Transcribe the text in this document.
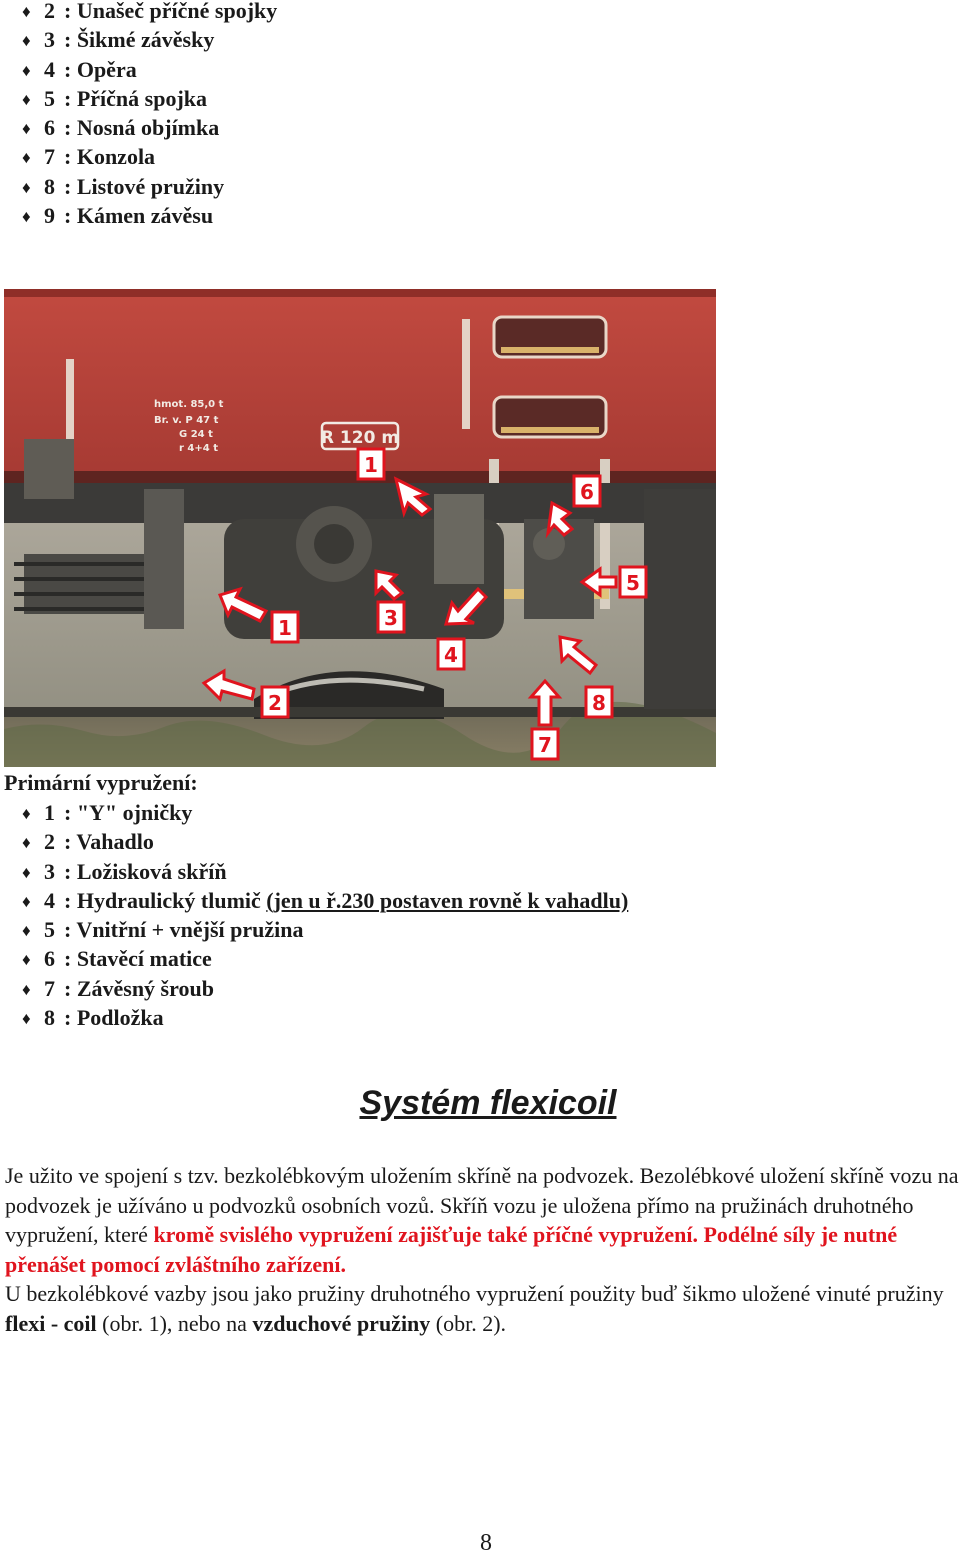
♦ 2 : Unašeč příčné spojky
♦ 3 : Šikmé závěsky
♦ 4 : Opěra
♦ 5 : Příčná spojka
♦ 6 : Nosná objímka
♦ 7 : Konzola
♦ 8 : Listové pružiny
♦ 9 : Kámen závěsu
hmot. 85,0 t
Br. v. P 47 t
G 24 t
r 4+4 t
R 120 m
1
6
5
3
1
4
2	8
7

Primární vypružení:

♦ 1 : "Y" ojničky
♦ 2 : Vahadlo
♦ 3 : Ložisková skříň
♦ 4 : Hydraulický tlumič (jen u ř.230 postaven rovně k vahadlu)
♦ 5 : Vnitřní + vnější pružina
♦ 6 : Stavěcí matice
♦ 7 : Závěsný šroub
♦ 8 : Podložka
Systém flexicoil

Je užito ve spojení s tzv. bezkolébkovým uložením skříně na podvozek. Bezolébkové uložení skříně vozu na podvozek je užíváno u podvozků osobních vozů. Skříň vozu je uložena přímo na pružinách druhotného vypružení, které kromě svislého vypružení zajišťuje také příčné vypružení. Podélné síly je nutné přenášet pomocí zvláštního zařízení.
U bezkolébkové vazby jsou jako pružiny druhotného vypružení použity buď šikmo uložené vinuté pružiny flexi - coil (obr. 1), nebo na vzduchové pružiny (obr. 2).

8
